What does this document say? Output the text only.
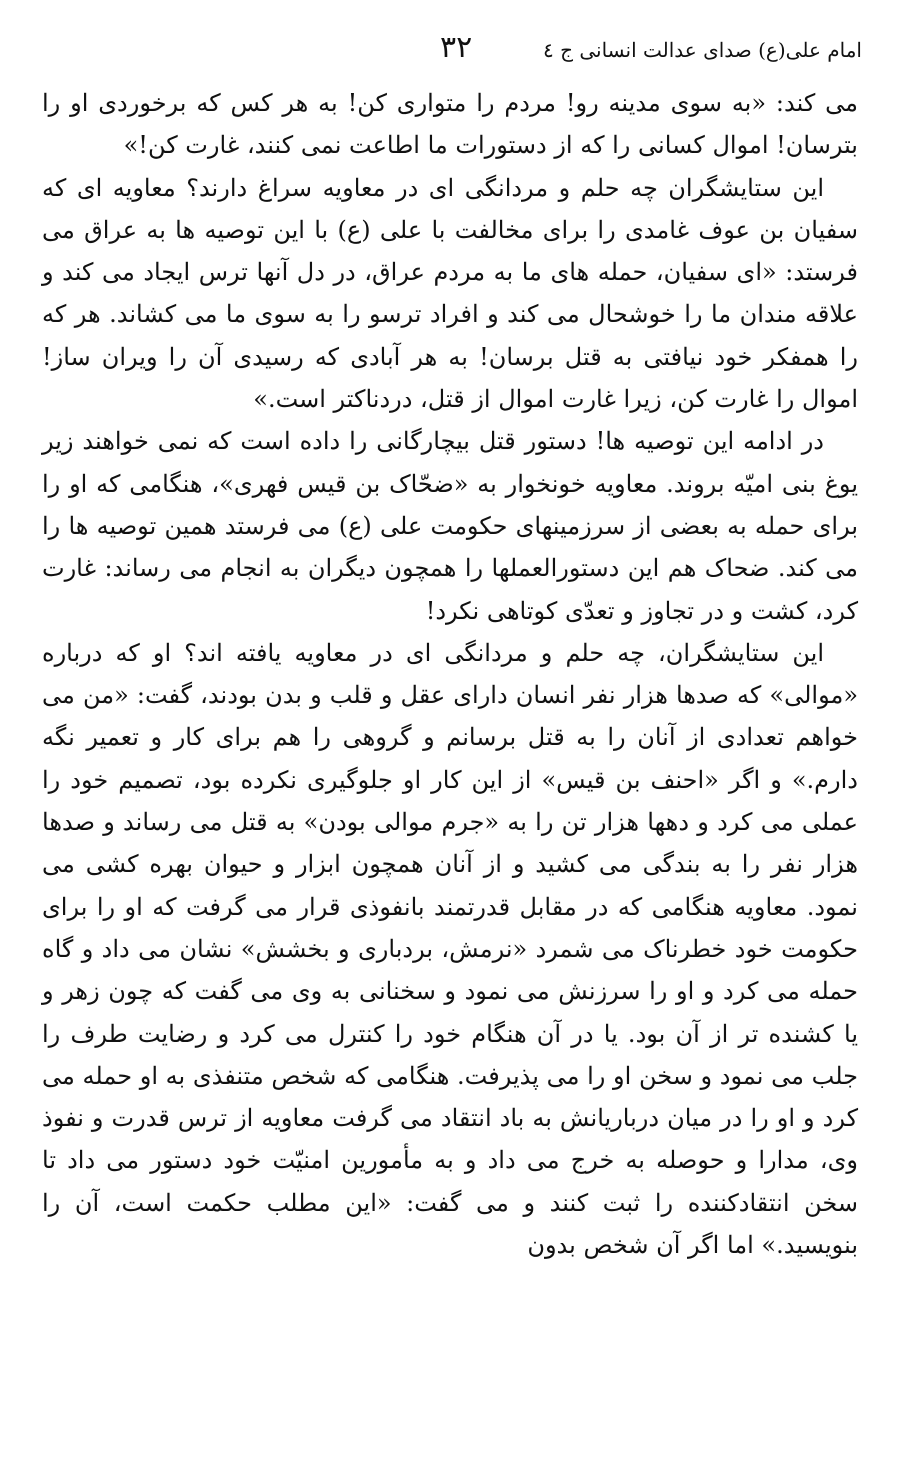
امام علی(ع) صدای عدالت انسانی ج ٤
٣٢

می کند: «به سوی مدینه رو! مردم را متواری کن! به هر کس که برخوردی او را بترسان! اموال کسانی را که از دستورات ما اطاعت نمی کنند، غارت کن!»

این ستایشگران چه حلم و مردانگی ای در معاویه سراغ دارند؟ معاویه ای که سفیان بن عوف غامدی را برای مخالفت با علی (ع) با این توصیه ها به عراق می فرستد: «ای سفیان، حمله های ما به مردم عراق، در دل آنها ترس ایجاد می کند و علاقه مندان ما را خوشحال می کند و افراد ترسو را به سوی ما می کشاند. هر که را همفکر خود نیافتی به قتل برسان! به هر آبادی که رسیدی آن را ویران ساز! اموال را غارت کن، زیرا غارت اموال از قتل، دردناکتر است.»

در ادامه این توصیه ها! دستور قتل بیچارگانی را داده است که نمی خواهند زیر یوغ بنی امیّه بروند. معاویه خونخوار به «ضحّاک بن قیس فهری»، هنگامی که او را برای حمله به بعضی از سرزمینهای حکومت علی (ع) می فرستد همین توصیه ها را می کند. ضحاک هم این دستورالعملها را همچون دیگران به انجام می رساند: غارت کرد، کشت و در تجاوز و تعدّی کوتاهی نکرد!

این ستایشگران، چه حلم و مردانگی ای در معاویه یافته اند؟ او که درباره «موالی» که صدها هزار نفر انسان دارای عقل و قلب و بدن بودند، گفت: «من می خواهم تعدادی از آنان را به قتل برسانم و گروهی را هم برای کار و تعمیر نگه دارم.» و اگر «احنف بن قیس» از این کار او جلوگیری نکرده بود، تصمیم خود را عملی می کرد و دهها هزار تن را به «جرم موالی بودن» به قتل می رساند و صدها هزار نفر را به بندگی می کشید و از آنان همچون ابزار و حیوان بهره کشی می نمود. معاویه هنگامی که در مقابل قدرتمند بانفوذی قرار می گرفت که او را برای حکومت خود خطرناک می شمرد «نرمش، بردباری و بخشش» نشان می داد و گاه حمله می کرد و او را سرزنش می نمود و سخنانی به وی می گفت که چون زهر و یا کشنده تر از آن بود. یا در آن هنگام خود را کنترل می کرد و رضایت طرف را جلب می نمود و سخن او را می پذیرفت. هنگامی که شخص متنفذی به او حمله می کرد و او را در میان درباریانش به باد انتقاد می گرفت معاویه از ترس قدرت و نفوذ وی، مدارا و حوصله به خرج می داد و به مأمورین امنیّت خود دستور می داد تا سخن انتقادکننده را ثبت کنند و می گفت: «این مطلب حکمت است، آن را بنویسید.» اما اگر آن شخص بدون
